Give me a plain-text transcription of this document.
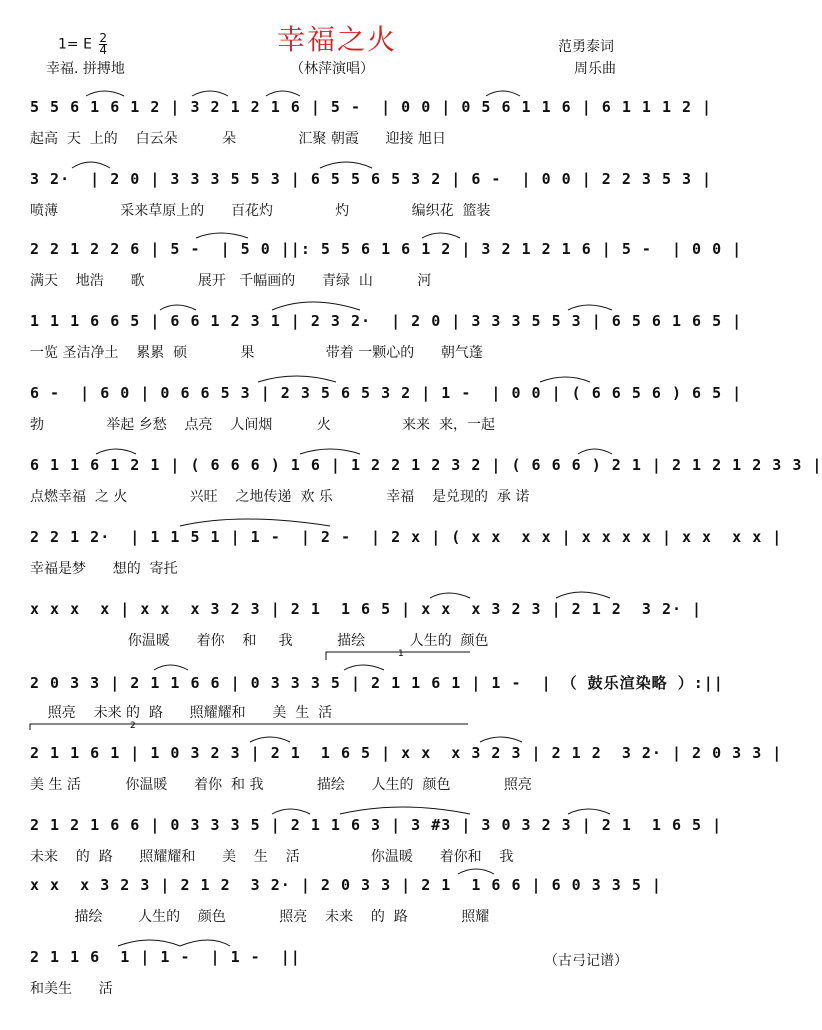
幸福之火
1= E $\frac{2}{4}$
幸福. 拼搏地	（林萍演唱）
范勇泰词
周乐曲
5 5 6 1 6 1 2 | 3 2 1 2 1 6 | 5 -  | 0 0 | 0 5 6 1 1 6 | 6 1 1 1 2 |
起高  天  上的    白云朵          朵              汇聚 朝霞      迎接 旭日
3 2·  | 2 0 | 3 3 3 5 5 3 | 6 5 5 6 5 3 2 | 6 -  | 0 0 | 2 2 3 5 3 |
喷薄              采来草原上的      百花灼              灼              编织花  篮装
2 2 1 2 2 6 | 5 -  | 5 0 ||: 5 5 6 1 6 1 2 | 3 2 1 2 1 6 | 5 -  | 0 0 |
满天    地浩      歌            展开   千幅画的      青绿  山          河
1 1 1 6 6 5 | 6 6 1 2 3 1 | 2 3 2·  | 2 0 | 3 3 3 5 5 3 | 6 5 6 1 6 5 |
一览 圣洁净土    累累  硕            果                带着 一颗心的      朝气蓬
6 -  | 6 0 | 0 6 6 5 3 | 2 3 5 6 5 3 2 | 1 -  | 0 0 | ( 6 6 5 6 ) 6 5 |
勃              举起 乡愁    点亮    人间烟          火                来来  来，一起
6 1 1 6 1 2 1 | ( 6 6 6 ) 1 6 | 1 2 2 1 2 3 2 | ( 6 6 6 ) 2 1 | 2 1 2 1 2 3 3 |
点燃幸福  之 火              兴旺    之地传递  欢 乐            幸福    是兑现的  承 诺
2 2 1 2·  | 1 1 5 1 | 1 -  | 2 -  | 2 x | ( x x  x x | x x x x | x x  x x |
幸福是梦      想的  寄托
x x x  x | x x  x 3 2 3 | 2 1  1 6 5 | x x  x 3 2 3 | 2 1 2  3 2· |
你温暖      着你    和     我          描绘          人生的  颜色
2 0 3 3 | 2 1 1 6 6 | 0 3 3 3 5 | 2 1 1 6 1 | 1 -  | （ 鼓乐渲染略 ）:||
照亮    未来 的  路      照耀耀和      美  生  活
2 1 1 6 1 | 1 0 3 2 3 | 2 1  1 6 5 | x x  x 3 2 3 | 2 1 2  3 2· | 2 0 3 3 |
美 生 活          你温暖      着你  和 我            描绘      人生的  颜色            照亮
2 1 2 1 6 6 | 0 3 3 3 5 | 2 1 1 6 3 | 3 #3 | 3 0 3 2 3 | 2 1  1 6 5 |
未来    的  路      照耀耀和      美    生    活                你温暖      着你和    我
x x  x 3 2 3 | 2 1 2  3 2· | 2 0 3 3 | 2 1  1 6 6 | 6 0 3 3 5 |
描绘        人生的    颜色            照亮    未来    的  路            照耀
2 1 1 6  1 | 1 -  | 1 -  ||
和美生      活
（古弓记谱）
1
2
